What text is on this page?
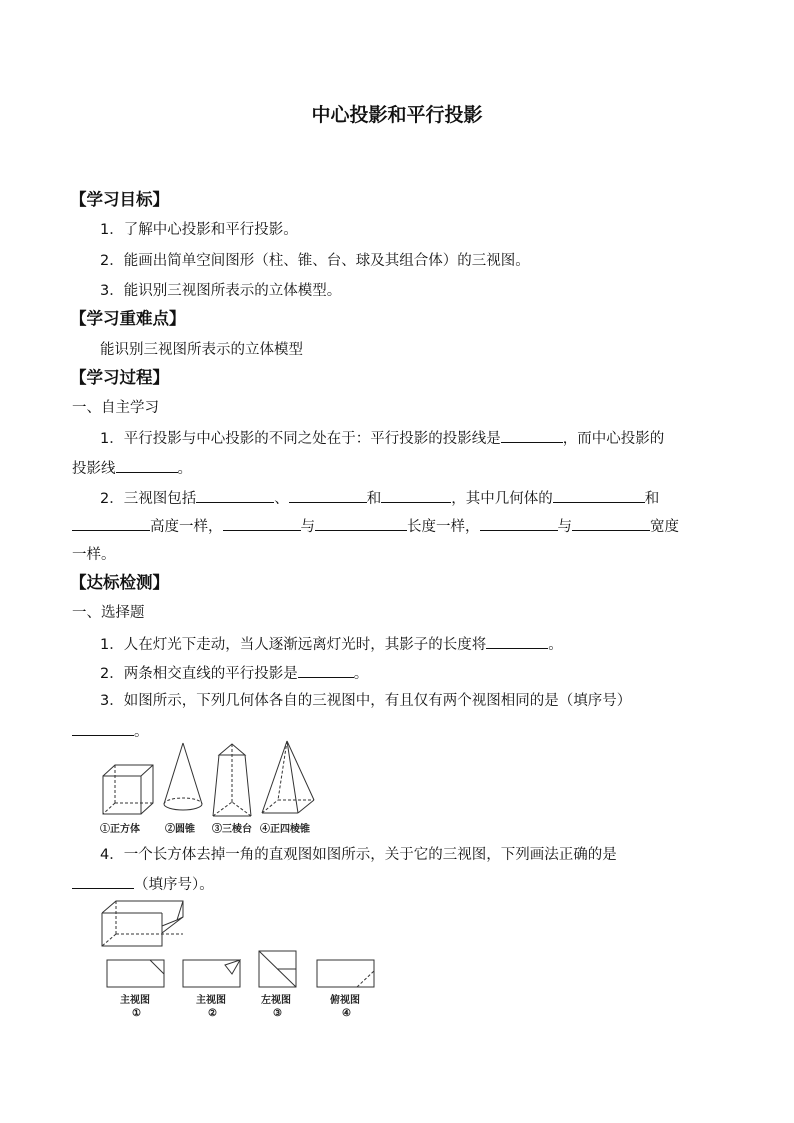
中心投影和平行投影
【学习目标】
1．了解中心投影和平行投影。
2．能画出简单空间图形（柱、锥、台、球及其组合体）的三视图。
3．能识别三视图所表示的立体模型。
【学习重难点】
能识别三视图所表示的立体模型
【学习过程】
一、自主学习
1．平行投影与中心投影的不同之处在于：平行投影的投影线是	，而中心投影的
投影线	。
2．三视图包括	、	和	，其中几何体的	和
高度一样，	与	长度一样，	与	宽度
一样。
【达标检测】
一、选择题
1．人在灯光下走动，当人逐渐远离灯光时，其影子的长度将	。
2．两条相交直线的平行投影是	。
3．如图所示，下列几何体各自的三视图中，有且仅有两个视图相同的是（填序号）
。
①正方体	②圆锥 ③三棱台 ④正四棱锥
4．一个长方体去掉一角的直观图如图所示，关于它的三视图，下列画法正确的是
（填序号）。
主视图	主视图	左视图	俯视图
①	②	③	④
